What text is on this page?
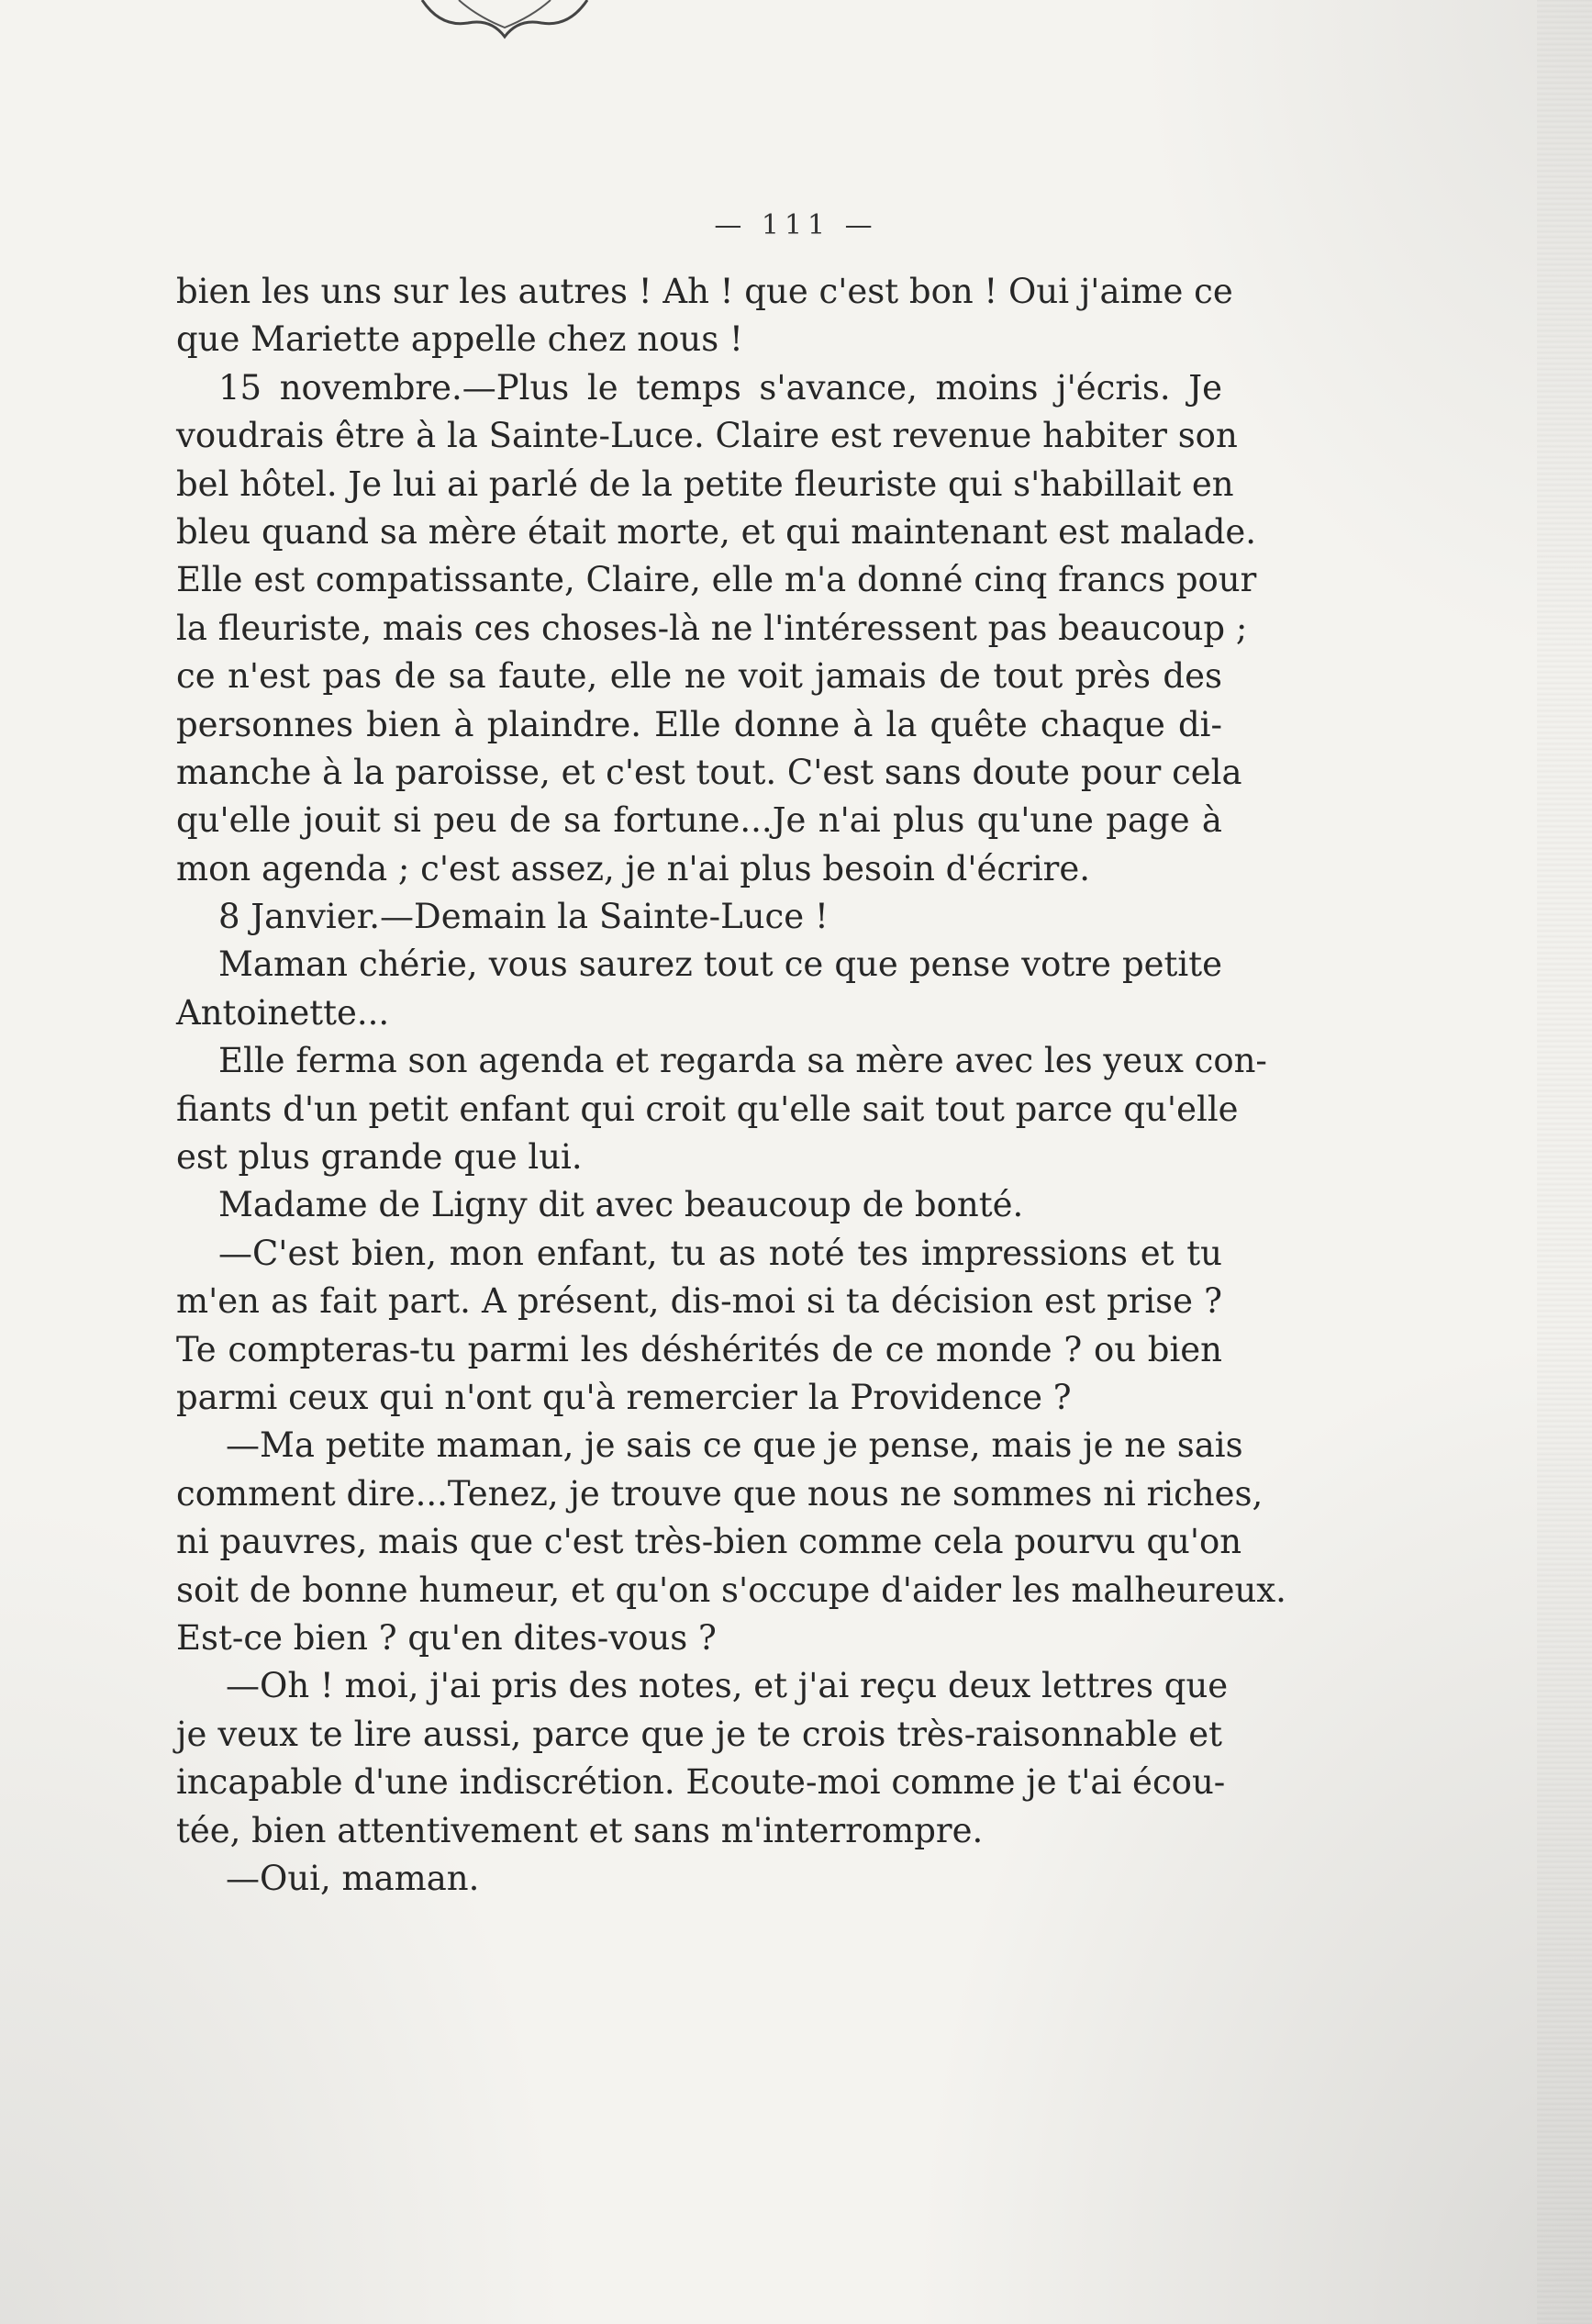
— 111 —
bien les uns sur les autres ! Ah ! que c'est bon ! Oui j'aime ce
que Mariette appelle chez nous !
15 novembre.—Plus le temps s'avance, moins j'écris. Je
voudrais être à la Sainte-Luce. Claire est revenue habiter son
bel hôtel. Je lui ai parlé de la petite fleuriste qui s'habillait en
bleu quand sa mère était morte, et qui maintenant est malade.
Elle est compatissante, Claire, elle m'a donné cinq francs pour
la fleuriste, mais ces choses-là ne l'intéressent pas beaucoup ;
ce n'est pas de sa faute, elle ne voit jamais de tout près des
personnes bien à plaindre. Elle donne à la quête chaque di-
manche à la paroisse, et c'est tout. C'est sans doute pour cela
qu'elle jouit si peu de sa fortune...Je n'ai plus qu'une page à
mon agenda ; c'est assez, je n'ai plus besoin d'écrire.
8 Janvier.—Demain la Sainte-Luce !
Maman chérie, vous saurez tout ce que pense votre petite
Antoinette...
Elle ferma son agenda et regarda sa mère avec les yeux con-
fiants d'un petit enfant qui croit qu'elle sait tout parce qu'elle
est plus grande que lui.
Madame de Ligny dit avec beaucoup de bonté.
—C'est bien, mon enfant, tu as noté tes impressions et tu
m'en as fait part. A présent, dis-moi si ta décision est prise ?
Te compteras-tu parmi les déshérités de ce monde ? ou bien
parmi ceux qui n'ont qu'à remercier la Providence ?
—Ma petite maman, je sais ce que je pense, mais je ne sais
comment dire...Tenez, je trouve que nous ne sommes ni riches,
ni pauvres, mais que c'est très-bien comme cela pourvu qu'on
soit de bonne humeur, et qu'on s'occupe d'aider les malheureux.
Est-ce bien ? qu'en dites-vous ?
—Oh ! moi, j'ai pris des notes, et j'ai reçu deux lettres que
je veux te lire aussi, parce que je te crois très-raisonnable et
incapable d'une indiscrétion. Ecoute-moi comme je t'ai écou-
tée, bien attentivement et sans m'interrompre.
—Oui, maman.
